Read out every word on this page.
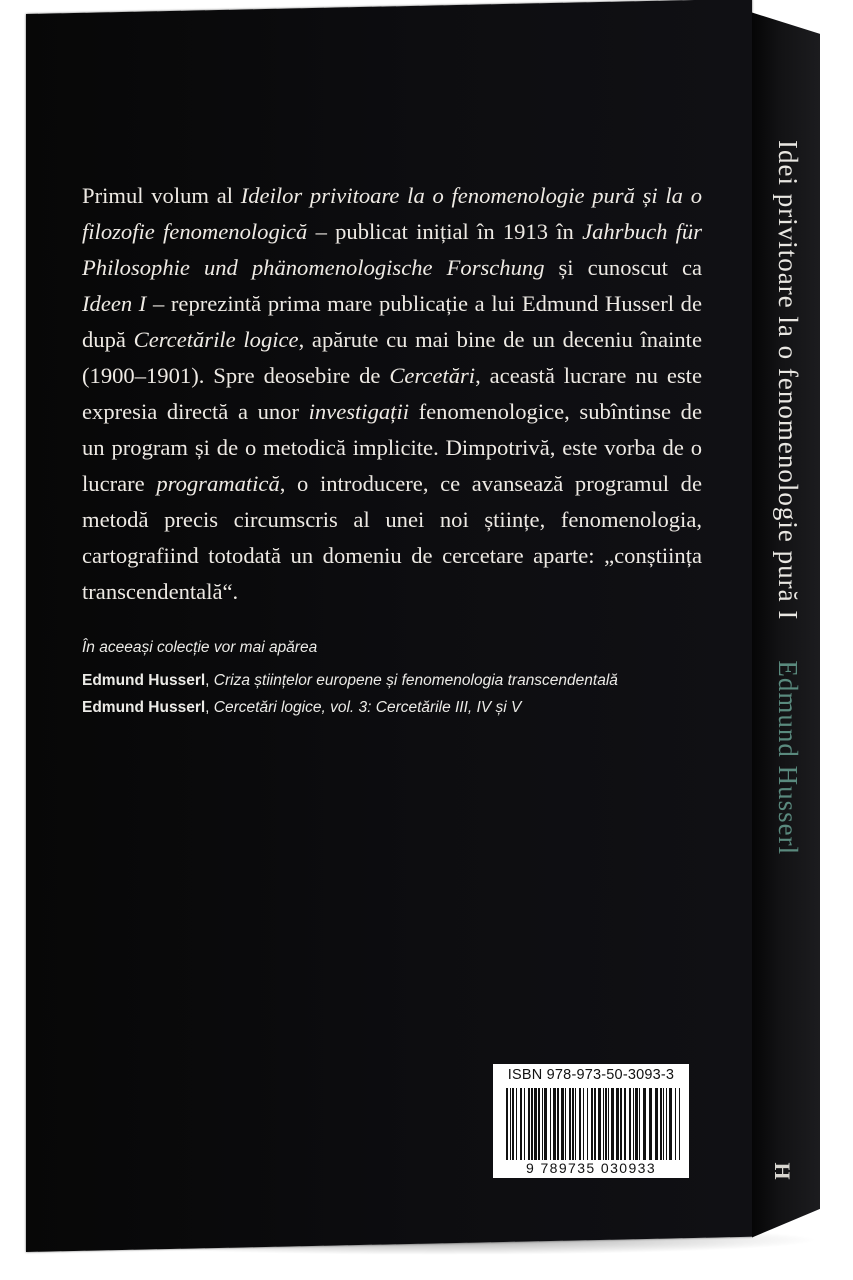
Idei privitoare la o fenomenologie pură IEdmund Husserl
H
Primul volum al Ideilor privitoare la o fenomenologie pură și la o filozofie fenomenologică – publicat inițial în 1913 în Jahrbuch für Philosophie und phänomenologische Forschung și cunoscut ca Ideen I – reprezintă prima mare publicație a lui Edmund Husserl de după Cercetările logice, apărute cu mai bine de un deceniu înainte (1900–1901). Spre deosebire de Cercetări, această lucrare nu este expresia directă a unor investigații fenomenologice, subîntinse de un program și de o metodică implicite. Dimpotrivă, este vorba de o lucrare programatică, o introducere, ce avansează programul de metodă precis circumscris al unei noi științe, fenomenologia, cartografiind totodată un domeniu de cercetare aparte: „conștiința transcendentală“.
În aceeași colecție vor mai apărea
Edmund Husserl, Criza științelor europene și fenomenologia transcendentală
Edmund Husserl, Cercetări logice, vol. 3: Cercetările III, IV și V
ISBN 978-973-50-3093-3
9 789735 030933
